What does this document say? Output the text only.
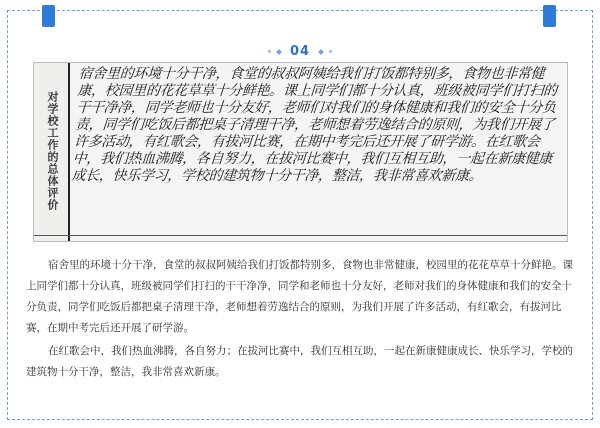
04
对学校工作的总体评价
宿舍里的环境十分干净，食堂的叔叔阿姨给我们打饭都特别多，食物也非常健康，校园里的花花草草十分鲜艳。课上同学们都十分认真，班级被同学们打扫的干干净净，同学老师也十分友好，老师们对我们的身体健康和我们的安全十分负责，同学们吃饭后都把桌子清理干净，老师想着劳逸结合的原则，为我们开展了许多活动，有红歌会，有拔河比赛，在期中考完后还开展了研学游。在红歌会中，我们热血沸腾，各自努力，在拔河比赛中，我们互相互助，一起在新康健康成长，快乐学习，学校的建筑物十分干净，整洁，我非常喜欢新康。

宿舍里的环境十分干净，食堂的叔叔阿姨给我们打饭都特别多，食物也非常健康，校园里的花花草草十分鲜艳。课上同学们都十分认真，班级被同学们打扫的干干净净，同学和老师也十分友好，老师对我们的身体健康和我们的安全十分负责，同学们吃饭后都把桌子清理干净，老师想着劳逸结合的原则，为我们开展了许多活动，有红歌会，有拔河比赛，在期中考完后还开展了研学游。

在红歌会中，我们热血沸腾，各自努力；在拔河比赛中，我们互相互助，一起在新康健康成长、快乐学习，学校的建筑物十分干净，整洁，我非常喜欢新康。
